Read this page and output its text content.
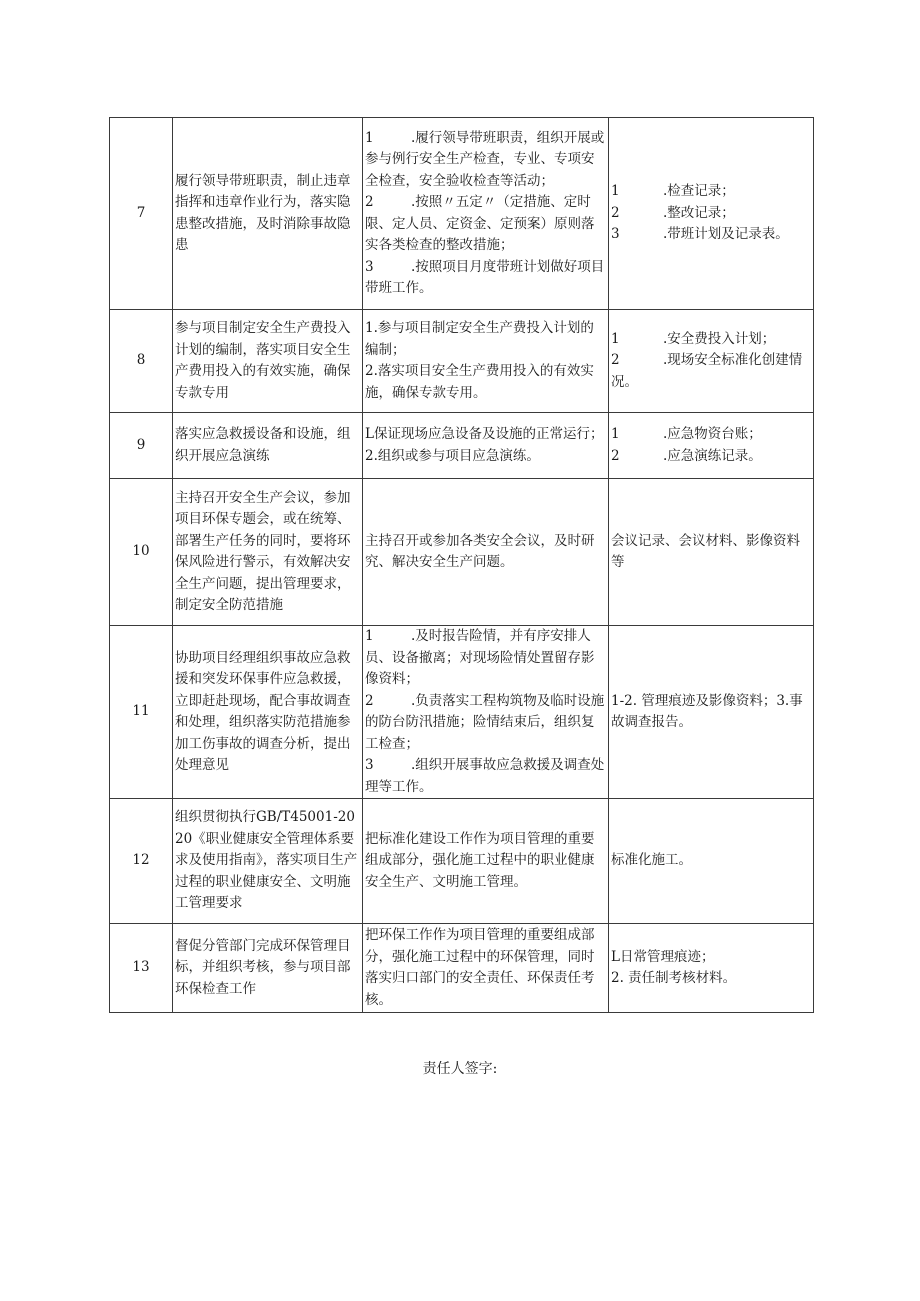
7	履行领导带班职责，制止违章指挥和违章作业行为，落实隐患整改措施，及时消除事故隐患	1 .履行领导带班职责，组织开展或参与例行安全生产检查，专业、专项安全检查，安全验收检查等活动；
2 .按照〃五定〃（定措施、定时限、定人员、定资金、定预案）原则落实各类检查的整改措施；
3 .按照项目月度带班计划做好项目带班工作。	1 .检查记录；
2 .整改记录；
3 .带班计划及记录表。

8	参与项目制定安全生产费投入计划的编制，落实项目安全生产费用投入的有效实施，确保专款专用	1.参与项目制定安全生产费投入计划的编制；
2.落实项目安全生产费用投入的有效实施，确保专款专用。	1 .安全费投入计划；
2 .现场安全标准化创建情况。

9	落实应急救援设备和设施，组织开展应急演练	L保证现场应急设备及设施的正常运行；
2.组织或参与项目应急演练。	1 .应急物资台账；
2 .应急演练记录。

10	主持召开安全生产会议，参加项目环保专题会，或在统筹、部署生产任务的同时，要将环保风险进行警示，有效解决安全生产问题，提出管理要求，制定安全防范措施	主持召开或参加各类安全会议，及时研究、解决安全生产问题。	会议记录、会议材料、影像资料等

11	协助项目经理组织事故应急救援和突发环保事件应急救援，立即赶赴现场，配合事故调查和处理，组织落实防范措施参加工伤事故的调查分析，提出处理意见	1 .及时报告险情，并有序安排人员、设备撤离；对现场险情处置留存影像资料；
2 .负责落实工程构筑物及临时设施的防台防汛措施；险情结束后，组织复工检查；
3 .组织开展事故应急救援及调查处理等工作。	1-2. 管理痕迹及影像资料；3.事故调查报告。

12	组织贯彻执行GB/T45001-2020《职业健康安全管理体系要求及使用指南》，落实项目生产过程的职业健康安全、文明施工管理要求	把标准化建设工作作为项目管理的重要组成部分，强化施工过程中的职业健康安全生产、文明施工管理。	标准化施工。

13	督促分管部门完成环保管理目标，并组织考核，参与项目部环保检查工作	把环保工作作为项目管理的重要组成部分，强化施工过程中的环保管理，同时落实归口部门的安全责任、环保责任考核。	L日常管理痕迹；
2. 责任制考核材料。
责任人签字:
